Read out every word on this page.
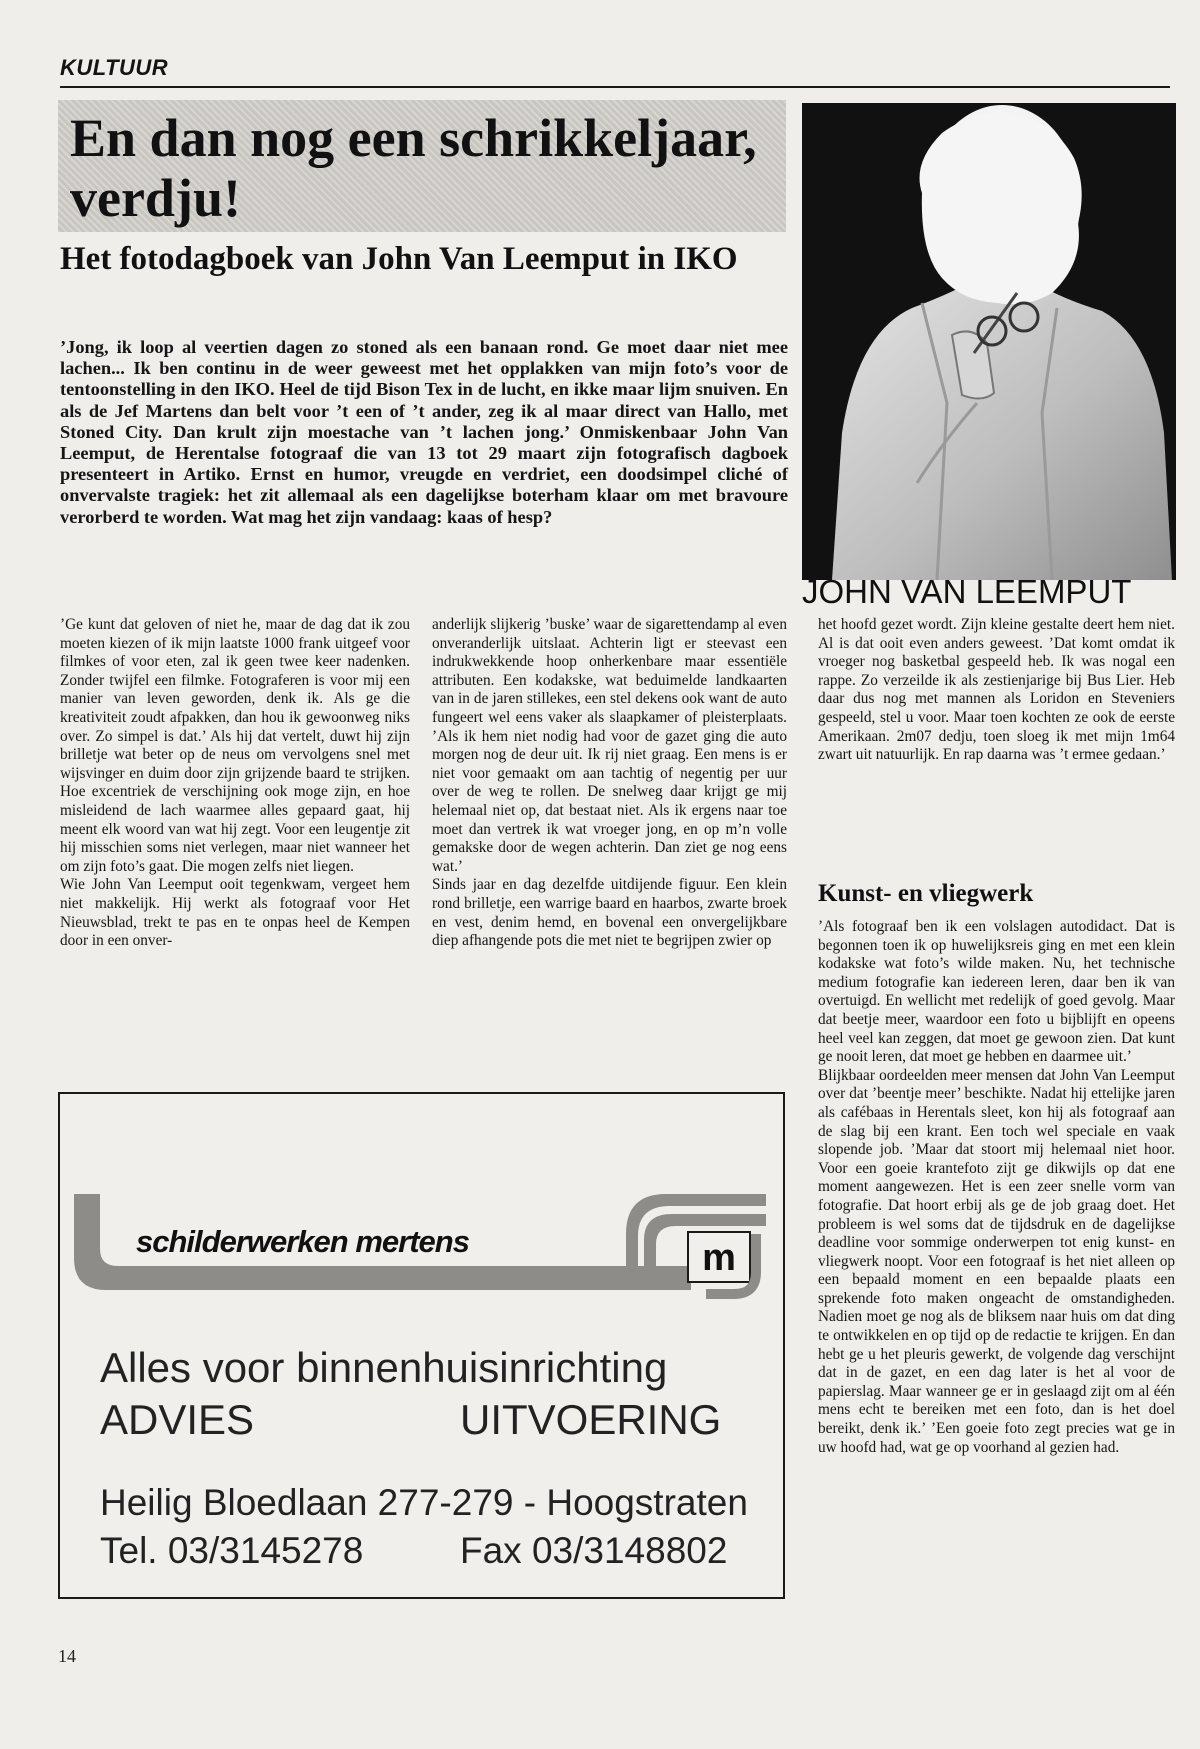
KULTUUR
En dan nog een schrikkeljaar, verdju!
Het fotodagboek van John Van Leemput in IKO

’Jong, ik loop al veertien dagen zo stoned als een banaan rond. Ge moet daar niet mee lachen... Ik ben continu in de weer geweest met het opplakken van mijn foto’s voor de tentoonstelling in den IKO. Heel de tijd Bison Tex in de lucht, en ikke maar lijm snuiven. En als de Jef Martens dan belt voor ’t een of ’t ander, zeg ik al maar direct van Hallo, met Stoned City. Dan krult zijn moestache van ’t lachen jong.’ Onmiskenbaar John Van Leemput, de Herentalse fotograaf die van 13 tot 29 maart zijn fotografisch dagboek presenteert in Artiko. Ernst en humor, vreugde en verdriet, een doodsimpel cliché of onvervalste tragiek: het zit allemaal als een dagelijkse boterham klaar om met bravoure verorberd te worden. Wat mag het zijn vandaag: kaas of hesp?

JOHN VAN LEEMPUT

’Ge kunt dat geloven of niet he, maar de dag dat ik zou moeten kiezen of ik mijn laatste 1000 frank uitgeef voor filmkes of voor eten, zal ik geen twee keer nadenken. Zonder twijfel een filmke. Fotograferen is voor mij een manier van leven geworden, denk ik. Als ge die kreativiteit zoudt afpakken, dan hou ik gewoonweg niks over. Zo simpel is dat.’ Als hij dat vertelt, duwt hij zijn brilletje wat beter op de neus om vervolgens snel met wijsvinger en duim door zijn grijzende baard te strijken. Hoe excentriek de verschijning ook moge zijn, en hoe misleidend de lach waarmee alles gepaard gaat, hij meent elk woord van wat hij zegt. Voor een leugentje zit hij misschien soms niet verlegen, maar niet wanneer het om zijn foto’s gaat. Die mogen zelfs niet liegen.

Wie John Van Leemput ooit tegenkwam, vergeet hem niet makkelijk. Hij werkt als fotograaf voor Het Nieuwsblad, trekt te pas en te onpas heel de Kempen door in een onver-

anderlijk slijkerig ’buske’ waar de sigarettendamp al even onveranderlijk uitslaat. Achterin ligt er steevast een indrukwekkende hoop onherkenbare maar essentiële attributen. Een kodakske, wat beduimelde landkaarten van in de jaren stillekes, een stel dekens ook want de auto fungeert wel eens vaker als slaapkamer of pleisterplaats. ’Als ik hem niet nodig had voor de gazet ging die auto morgen nog de deur uit. Ik rij niet graag. Een mens is er niet voor gemaakt om aan tachtig of negentig per uur over de weg te rollen. De snelweg daar krijgt ge mij helemaal niet op, dat bestaat niet. Als ik ergens naar toe moet dan vertrek ik wat vroeger jong, en op m’n volle gemakske door de wegen achterin. Dan ziet ge nog eens wat.’

Sinds jaar en dag dezelfde uitdijende figuur. Een klein rond brilletje, een warrige baard en haarbos, zwarte broek en vest, denim hemd, en bovenal een onvergelijkbare diep afhangende pots die met niet te begrijpen zwier op

het hoofd gezet wordt. Zijn kleine gestalte deert hem niet. Al is dat ooit even anders geweest. ’Dat komt omdat ik vroeger nog basketbal gespeeld heb. Ik was nogal een rappe. Zo verzeilde ik als zestienjarige bij Bus Lier. Heb daar dus nog met mannen als Loridon en Steveniers gespeeld, stel u voor. Maar toen kochten ze ook de eerste Amerikaan. 2m07 dedju, toen sloeg ik met mijn 1m64 zwart uit natuurlijk. En rap daarna was ’t ermee gedaan.’

Kunst- en vliegwerk

’Als fotograaf ben ik een volslagen autodidact. Dat is begonnen toen ik op huwelijksreis ging en met een klein kodakske wat foto’s wilde maken. Nu, het technische medium fotografie kan iedereen leren, daar ben ik van overtuigd. En wellicht met redelijk of goed gevolg. Maar dat beetje meer, waardoor een foto u bijblijft en opeens heel veel kan zeggen, dat moet ge gewoon zien. Dat kunt ge nooit leren, dat moet ge hebben en daarmee uit.’

Blijkbaar oordeelden meer mensen dat John Van Leemput over dat ’beentje meer’ beschikte. Nadat hij ettelijke jaren als cafébaas in Herentals sleet, kon hij als fotograaf aan de slag bij een krant. Een toch wel speciale en vaak slopende job. ’Maar dat stoort mij helemaal niet hoor. Voor een goeie krantefoto zijt ge dikwijls op dat ene moment aangewezen. Het is een zeer snelle vorm van fotografie. Dat hoort erbij als ge de job graag doet. Het probleem is wel soms dat de tijdsdruk en de dagelijkse deadline voor sommige onderwerpen tot enig kunst- en vliegwerk noopt. Voor een fotograaf is het niet alleen op een bepaald moment en een bepaalde plaats een sprekende foto maken ongeacht de omstandigheden. Nadien moet ge nog als de bliksem naar huis om dat ding te ontwikkelen en op tijd op de redactie te krijgen. En dan hebt ge u het pleuris gewerkt, de volgende dag verschijnt dat in de gazet, en een dag later is het al voor de papierslag. Maar wanneer ge er in geslaagd zijt om al één mens echt te bereiken met een foto, dan is het doel bereikt, denk ik.’ ’Een goeie foto zegt precies wat ge in uw hoofd had, wat ge op voorhand al gezien had.

m
schilderwerken mertens
Alles voor binnenhuisinrichting
ADVIES	UITVOERING
Heilig Bloedlaan 277-279 - Hoogstraten
Tel. 03/3145278	Fax 03/3148802
14
